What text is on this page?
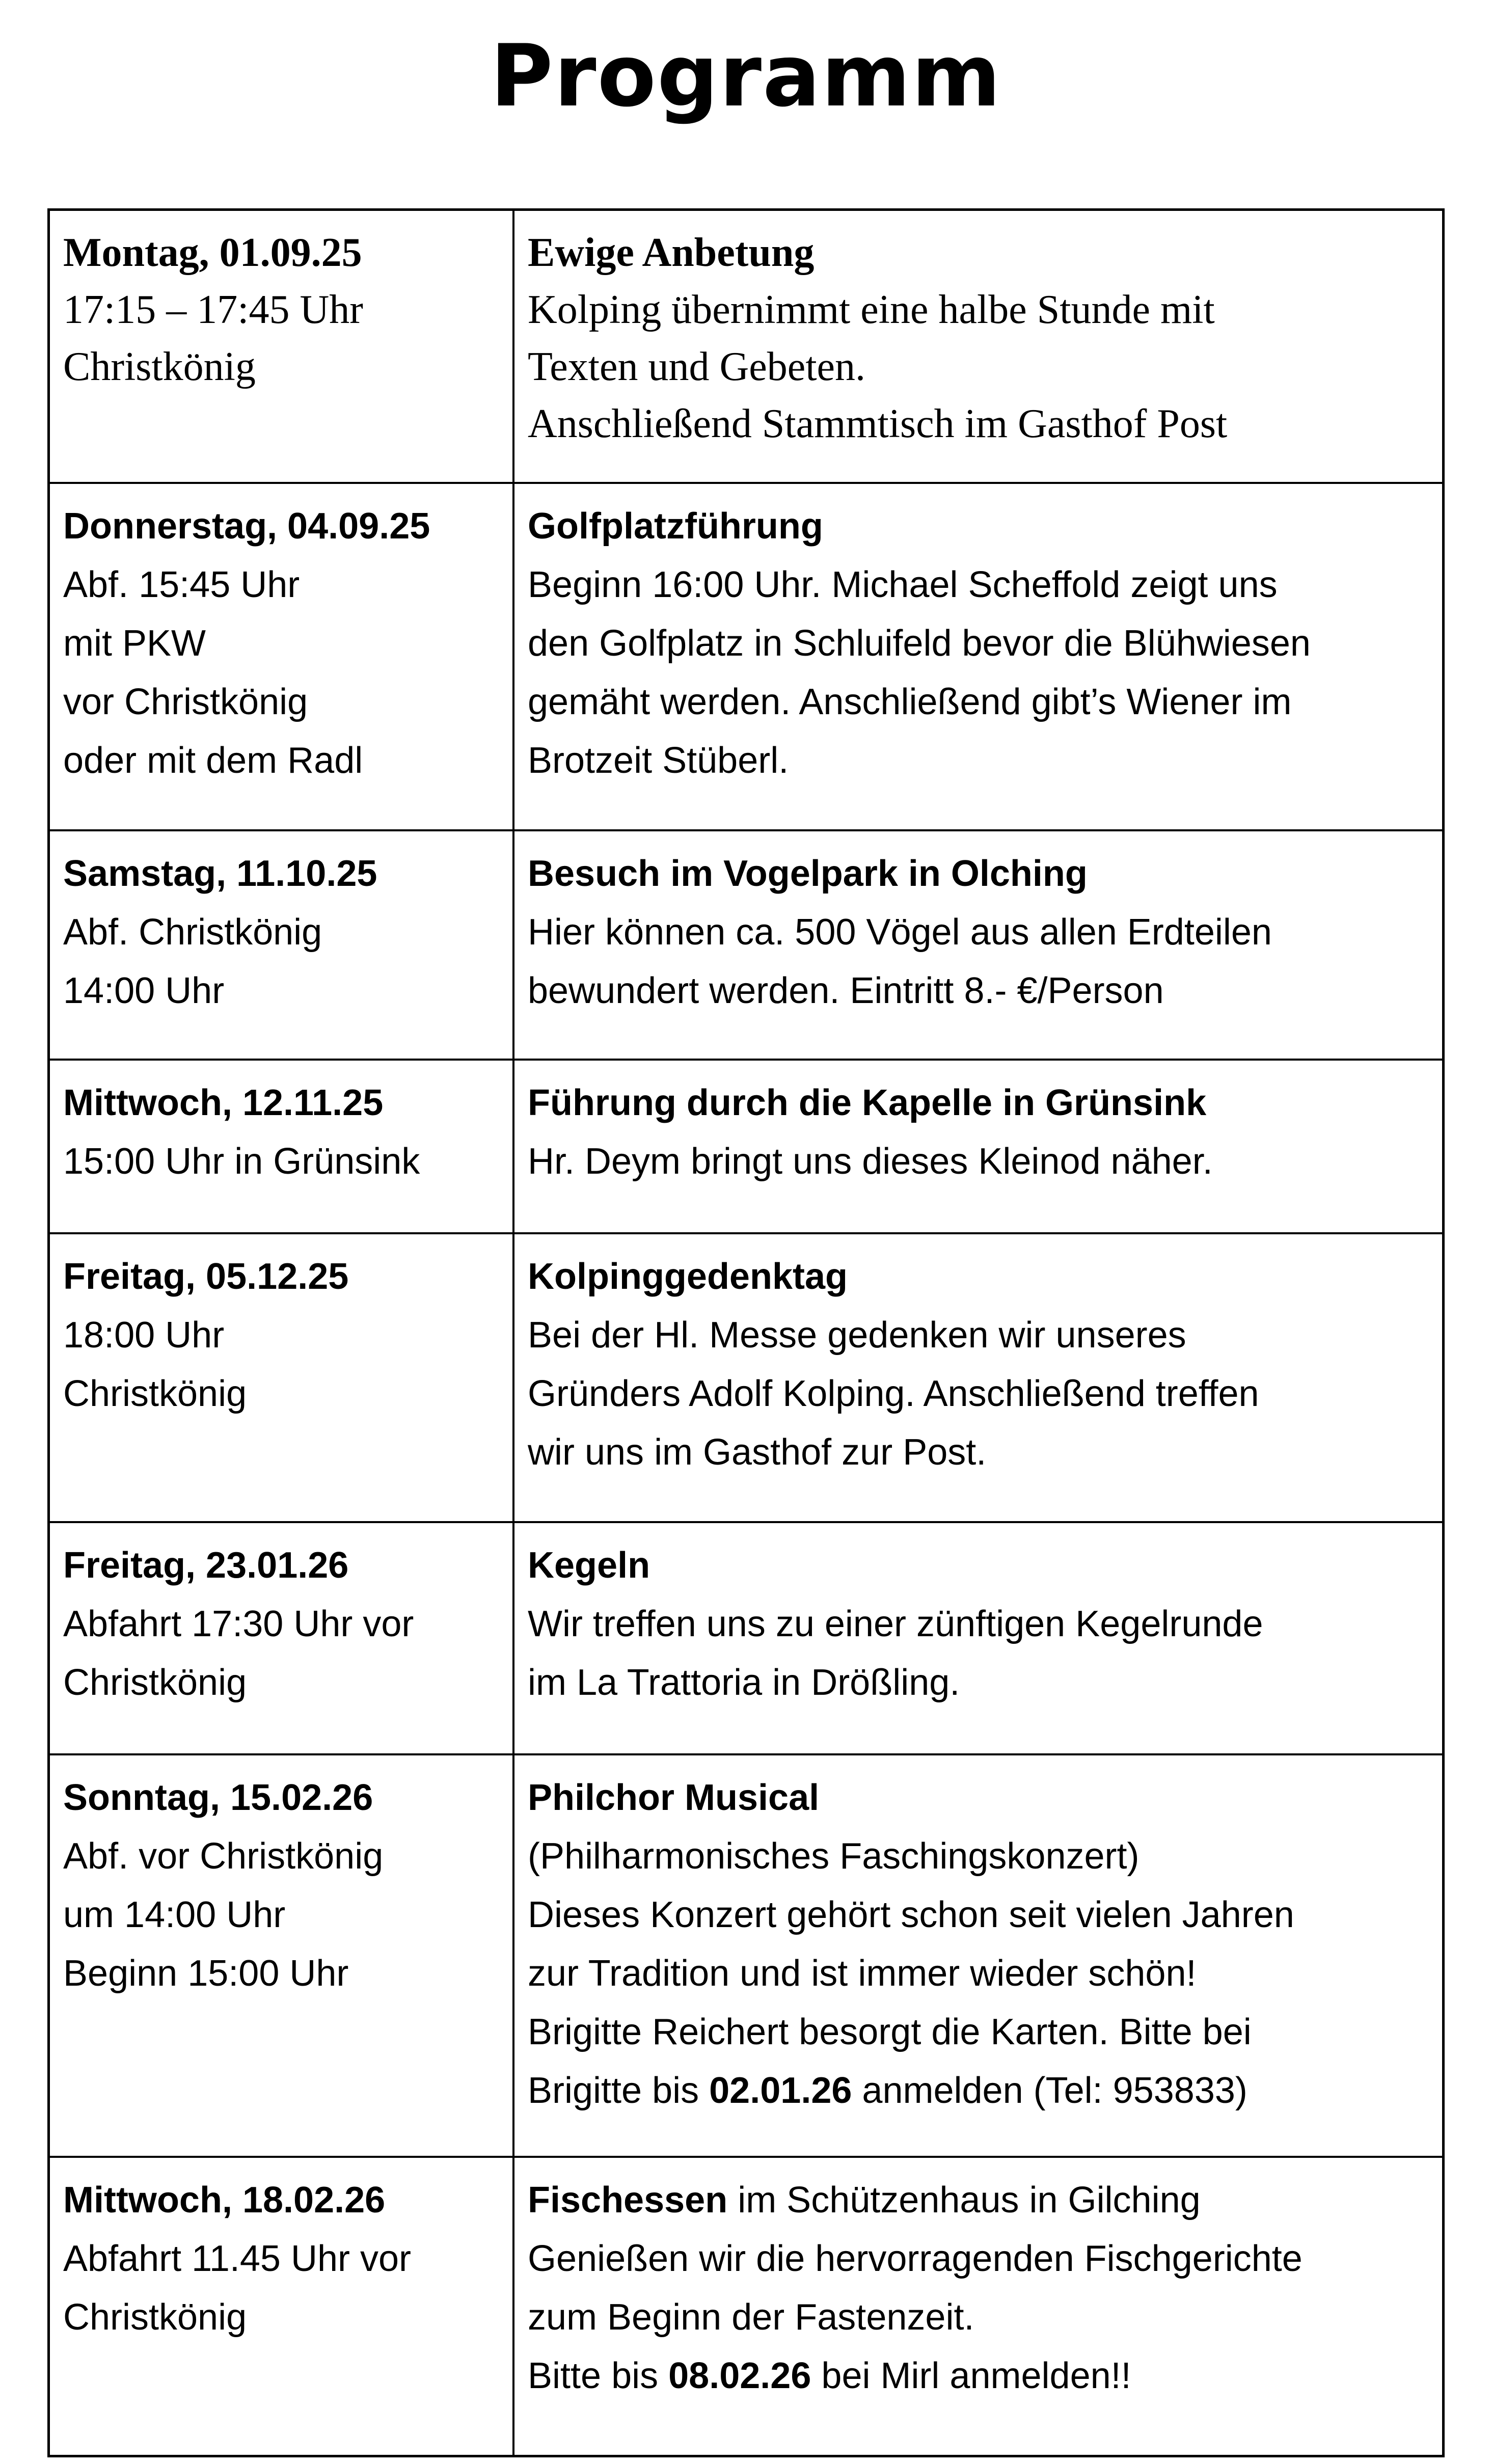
Programm
Montag, 01.09.25
17:15 – 17:45 Uhr
Christkönig
Ewige Anbetung
Kolping übernimmt eine halbe Stunde mit
Texten und Gebeten.
Anschließend Stammtisch im Gasthof Post
Donnerstag, 04.09.25
Abf. 15:45 Uhr
mit PKW
vor Christkönig
oder mit dem Radl
Golfplatzführung
Beginn 16:00 Uhr. Michael Scheffold zeigt uns
den Golfplatz in Schluifeld bevor die Blühwiesen
gemäht werden. Anschließend gibt’s Wiener im
Brotzeit Stüberl.
Samstag, 11.10.25
Abf. Christkönig
14:00 Uhr
Besuch im Vogelpark in Olching
Hier können ca. 500 Vögel aus allen Erdteilen
bewundert werden. Eintritt 8.- €/Person
Mittwoch, 12.11.25
15:00 Uhr in Grünsink
Führung durch die Kapelle in Grünsink
Hr. Deym bringt uns dieses Kleinod näher.
Freitag, 05.12.25
18:00 Uhr
Christkönig
Kolpinggedenktag
Bei der Hl. Messe gedenken wir unseres
Gründers Adolf Kolping. Anschließend treffen
wir uns im Gasthof zur Post.
Freitag, 23.01.26
Abfahrt 17:30 Uhr vor
Christkönig
Kegeln
Wir treffen uns zu einer zünftigen Kegelrunde
im La Trattoria in Drößling.
Sonntag, 15.02.26
Abf. vor Christkönig
um 14:00 Uhr
Beginn 15:00 Uhr
Philchor Musical
(Philharmonisches Faschingskonzert)
Dieses Konzert gehört schon seit vielen Jahren
zur Tradition und ist immer wieder schön!
Brigitte Reichert besorgt die Karten. Bitte bei
Brigitte bis 02.01.26 anmelden (Tel: 953833)
Mittwoch, 18.02.26
Abfahrt 11.45 Uhr vor
Christkönig
Fischessen im Schützenhaus in Gilching
Genießen wir die hervorragenden Fischgerichte
zum Beginn der Fastenzeit.
Bitte bis 08.02.26 bei Mirl anmelden!!
